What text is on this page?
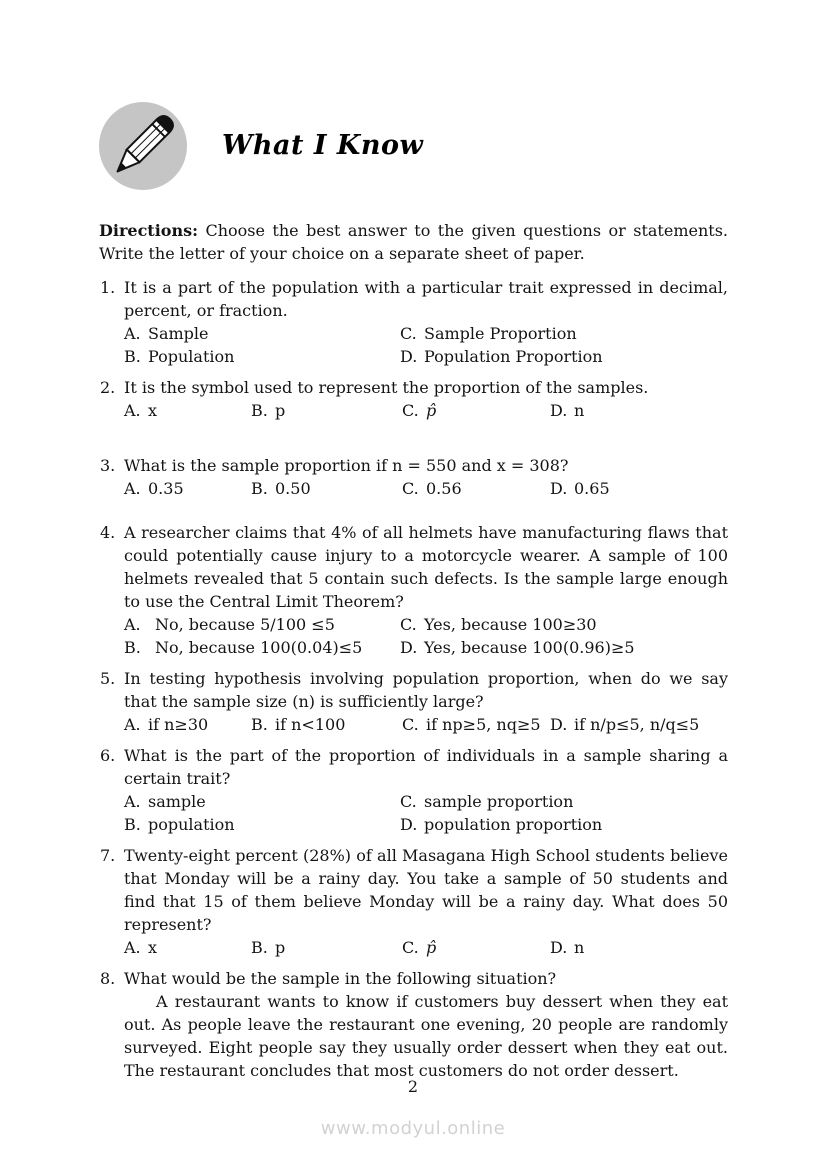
What I Know

Directions: Choose the best answer to the given questions or statements. Write the letter of your choice on a separate sheet of paper.

1. It is a part of the population with a particular trait expressed in decimal, percent, or fraction.

A. Sample	C. Sample Proportion
B. Population	D. Population Proportion
2. It is the symbol used to represent the proportion of the samples.

A. x	B. p	C. p̂	D. n
3. What is the sample proportion if n = 550 and x = 308?

A. 0.35	B. 0.50	C. 0.56	D. 0.65
4. A researcher claims that 4% of all helmets have manufacturing flaws that could potentially cause injury to a motorcycle wearer. A sample of 100 helmets revealed that 5 contain such defects. Is the sample large enough to use the Central Limit Theorem?

A. No, because 5/100 ≤5	C. Yes, because 100≥30
B. No, because 100(0.04)≤5	D. Yes, because 100(0.96)≥5
5. In testing hypothesis involving population proportion, when do we say that the sample size (n) is sufficiently large?

A. if n≥30	B. if n<100	C. if np≥5, nq≥5 D. if n/p≤5, n/q≤5
6. What is the part of the proportion of individuals in a sample sharing a certain trait?

A. sample	C. sample proportion
B. population	D. population proportion
7. Twenty-eight percent (28%) of all Masagana High School students believe that Monday will be a rainy day. You take a sample of 50 students and find that 15 of them believe Monday will be a rainy day. What does 50 represent?

A. x	B. p	C. p̂	D. n
8. What would be the sample in the following situation?

A restaurant wants to know if customers buy dessert when they eat out. As people leave the restaurant one evening, 20 people are randomly surveyed. Eight people say they usually order dessert when they eat out. The restaurant concludes that most customers do not order dessert.

2
www.modyul.online
